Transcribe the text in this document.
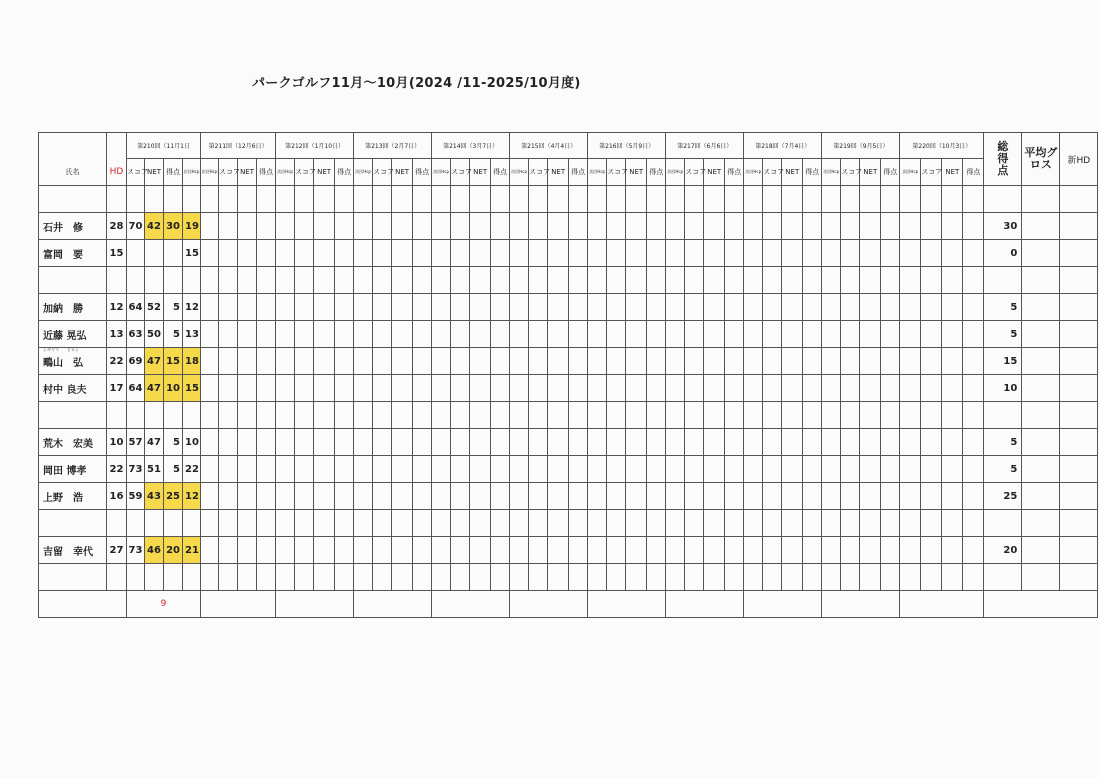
パークゴルフ11月～10月(2024 /11-2025/10月度)
氏名	HD	第210回（11月1日				第211回（12月6日）				第212回（1月10日）				第213回（2月7日）				第214回（3月7日）				第215回（4月4日）				第216回（5月9日）				第217回（6月6日）				第218回（7月4日）				第219回（9月5日）				第220回（10月3日）				総得点	平均グロス	新HD
		スコア	NET	得点	次回Hcp	次回Hcp	スコア	NET	得点	次回Hcp	スコア	NET	得点	次回Hcp	スコア	NET	得点	次回Hcp	スコア	NET	得点	次回Hcp	スコア	NET	得点	次回Hcp	スコア	NET	得点	次回Hcp	スコア	NET	得点	次回Hcp	スコア	NET	得点	次回Hcp	スコア	NET	得点	次回Hcp	スコア	NET	得点			

石井　修	28	70	42	30	19																																									30		
富岡　要	15				15																																									0		

加納　勝	12	64	52	5	12																																									5		
近藤 晃弘	13	63	50	5	13																																									5		

シギヤマ　　ヒロシ
鴫山　弘	22	69	47	15	18																																									15		
村中 良夫	17	64	47	10	15																																									10		

荒木　宏美	10	57	47	5	10																																									5		
岡田 博孝	22	73	51	5	22																																									5		
上野　浩	16	59	43	25	12																																									25		

吉留　幸代	27	73	46	20	21																																									20		

		9																																														
